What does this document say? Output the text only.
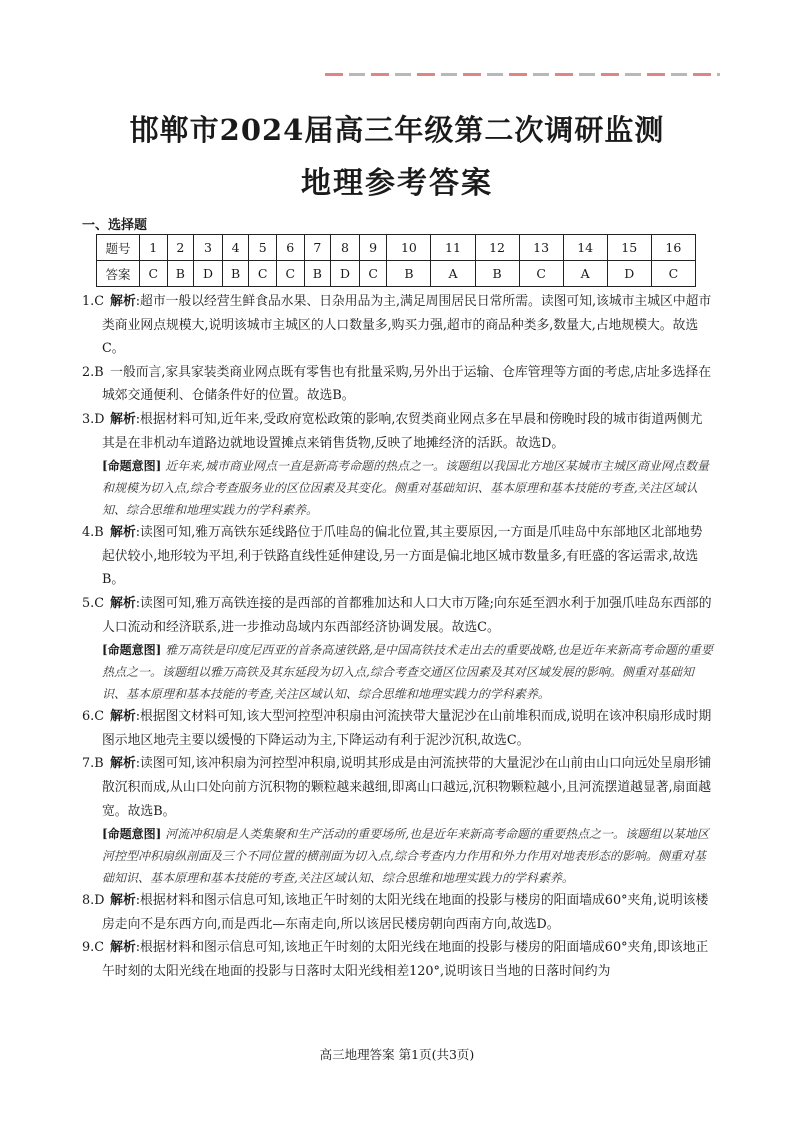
邯郸市2024届高三年级第二次调研监测
地理参考答案
一、选择题
题号	1	2	3	4	5	6	7	8	9	10	11	12	13	14	15	16
答案	C	B	D	B	C	C	B	D	C	B	A	B	C	A	D	C

1.C 解析:超市一般以经营生鲜食品水果、日杂用品为主,满足周围居民日常所需。读图可知,该城市主城区中超市类商业网点规模大,说明该城市主城区的人口数量多,购买力强,超市的商品种类多,数量大,占地规模大。故选C。

2.B 一般而言,家具家装类商业网点既有零售也有批量采购,另外出于运输、仓库管理等方面的考虑,店址多选择在城郊交通便利、仓储条件好的位置。故选B。

3.D 解析:根据材料可知,近年来,受政府宽松政策的影响,农贸类商业网点多在早晨和傍晚时段的城市街道两侧尤其是在非机动车道路边就地设置摊点来销售货物,反映了地摊经济的活跃。故选D。

[命题意图] 近年来,城市商业网点一直是新高考命题的热点之一。该题组以我国北方地区某城市主城区商业网点数量和规模为切入点,综合考查服务业的区位因素及其变化。侧重对基础知识、基本原理和基本技能的考查,关注区域认知、综合思维和地理实践力的学科素养。

4.B 解析:读图可知,雅万高铁东延线路位于爪哇岛的偏北位置,其主要原因,一方面是爪哇岛中东部地区北部地势起伏较小,地形较为平坦,利于铁路直线性延伸建设,另一方面是偏北地区城市数量多,有旺盛的客运需求,故选B。

5.C 解析:读图可知,雅万高铁连接的是西部的首都雅加达和人口大市万隆;向东延至泗水利于加强爪哇岛东西部的人口流动和经济联系,进一步推动岛域内东西部经济协调发展。故选C。

[命题意图] 雅万高铁是印度尼西亚的首条高速铁路,是中国高铁技术走出去的重要战略,也是近年来新高考命题的重要热点之一。该题组以雅万高铁及其东延段为切入点,综合考查交通区位因素及其对区域发展的影响。侧重对基础知识、基本原理和基本技能的考查,关注区域认知、综合思维和地理实践力的学科素养。

6.C 解析:根据图文材料可知,该大型河控型冲积扇由河流挟带大量泥沙在山前堆积而成,说明在该冲积扇形成时期图示地区地壳主要以缓慢的下降运动为主,下降运动有利于泥沙沉积,故选C。

7.B 解析:读图可知,该冲积扇为河控型冲积扇,说明其形成是由河流挟带的大量泥沙在山前由山口向远处呈扇形铺散沉积而成,从山口处向前方沉积物的颗粒越来越细,即离山口越远,沉积物颗粒越小,且河流摆道越显著,扇面越宽。故选B。

[命题意图] 河流冲积扇是人类集聚和生产活动的重要场所,也是近年来新高考命题的重要热点之一。该题组以某地区河控型冲积扇纵剖面及三个不同位置的横剖面为切入点,综合考查内力作用和外力作用对地表形态的影响。侧重对基础知识、基本原理和基本技能的考查,关注区域认知、综合思维和地理实践力的学科素养。

8.D 解析:根据材料和图示信息可知,该地正午时刻的太阳光线在地面的投影与楼房的阳面墙成60°夹角,说明该楼房走向不是东西方向,而是西北—东南走向,所以该居民楼房朝向西南方向,故选D。

9.C 解析:根据材料和图示信息可知,该地正午时刻的太阳光线在地面的投影与楼房的阳面墙成60°夹角,即该地正午时刻的太阳光线在地面的投影与日落时太阳光线相差120°,说明该日当地的日落时间约为

高三地理答案 第1页(共3页)
